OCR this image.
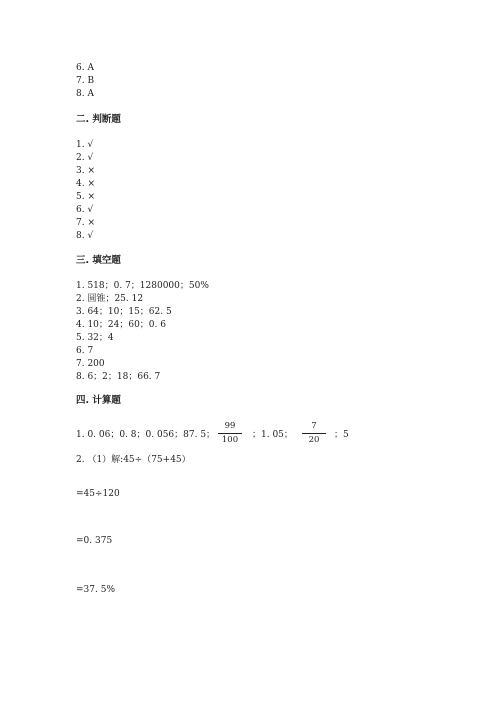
6. A
7. B
8. A
二. 判断题
1. √
2. √
3. ×
4. ×
5. ×
6. √
7. ×
8. √
三. 填空题
1. 518；0. 7；1280000；50%
2. 圆锥；25. 12
3. 64；10；15；62. 5
4. 10；24；60；0. 6
5. 32；4
6. 7
7. 200
8. 6；2；18；66. 7
四. 计算题
1. 0. 06；0. 8；0. 056；87. 5；
99
100	；1. 05；
7
20	；5
2. （1）解:45÷（75+45）
=45÷120
=0. 375
=37. 5%
